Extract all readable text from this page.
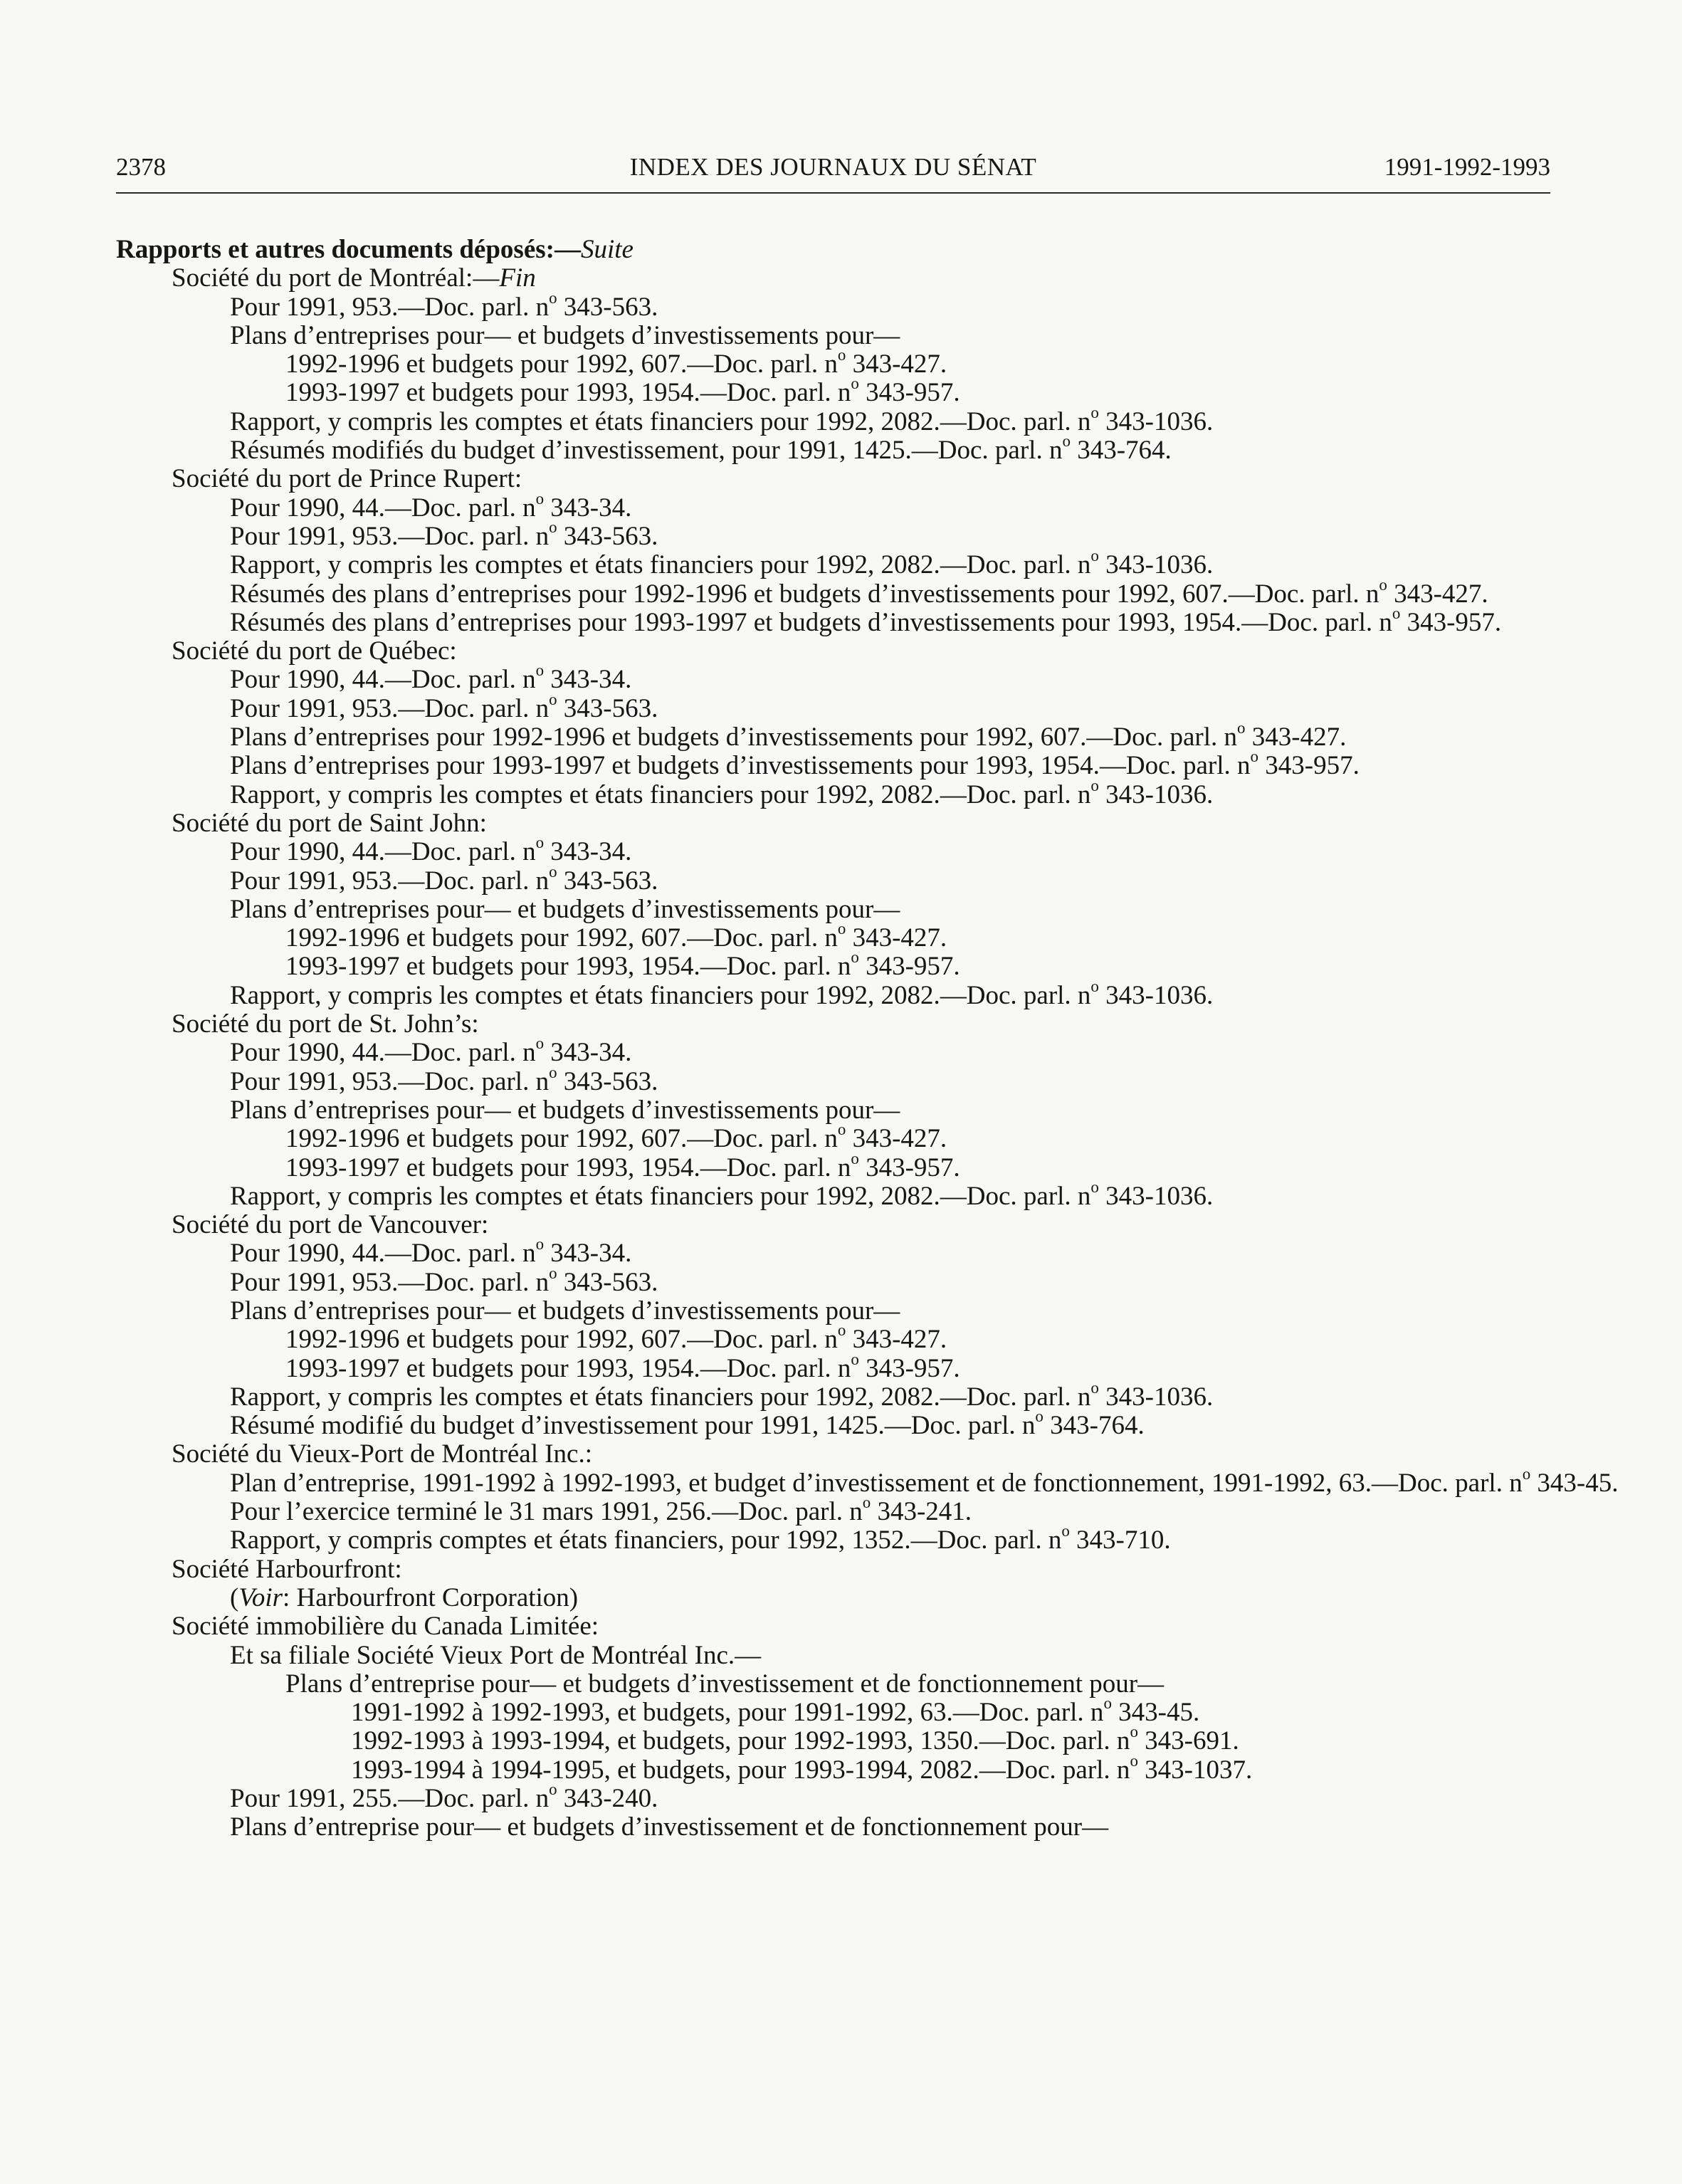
2378	INDEX DES JOURNAUX DU SÉNAT	1991-1992-1993
Rapports et autres documents déposés:—Suite
Société du port de Montréal:—Fin
Pour 1991, 953.—Doc. parl. $n^o$ 343-563.
Plans d’entreprises pour— et budgets d’investissements pour—
1992-1996 et budgets pour 1992, 607.—Doc. parl. $n^o$ 343-427.
1993-1997 et budgets pour 1993, 1954.—Doc. parl. $n^o$ 343-957.
Rapport, y compris les comptes et états financiers pour 1992, 2082.—Doc. parl. $n^o$ 343-1036.
Résumés modifiés du budget d’investissement, pour 1991, 1425.—Doc. parl. $n^o$ 343-764.
Société du port de Prince Rupert:
Pour 1990, 44.—Doc. parl. $n^o$ 343-34.
Pour 1991, 953.—Doc. parl. $n^o$ 343-563.
Rapport, y compris les comptes et états financiers pour 1992, 2082.—Doc. parl. $n^o$ 343-1036.
Résumés des plans d’entreprises pour 1992-1996 et budgets d’investissements pour 1992, 607.—Doc. parl. $n^o$ 343-427.
Résumés des plans d’entreprises pour 1993-1997 et budgets d’investissements pour 1993, 1954.—Doc. parl. $n^o$ 343-957.
Société du port de Québec:
Pour 1990, 44.—Doc. parl. $n^o$ 343-34.
Pour 1991, 953.—Doc. parl. $n^o$ 343-563.
Plans d’entreprises pour 1992-1996 et budgets d’investissements pour 1992, 607.—Doc. parl. $n^o$ 343-427.
Plans d’entreprises pour 1993-1997 et budgets d’investissements pour 1993, 1954.—Doc. parl. $n^o$ 343-957.
Rapport, y compris les comptes et états financiers pour 1992, 2082.—Doc. parl. $n^o$ 343-1036.
Société du port de Saint John:
Pour 1990, 44.—Doc. parl. $n^o$ 343-34.
Pour 1991, 953.—Doc. parl. $n^o$ 343-563.
Plans d’entreprises pour— et budgets d’investissements pour—
1992-1996 et budgets pour 1992, 607.—Doc. parl. $n^o$ 343-427.
1993-1997 et budgets pour 1993, 1954.—Doc. parl. $n^o$ 343-957.
Rapport, y compris les comptes et états financiers pour 1992, 2082.—Doc. parl. $n^o$ 343-1036.
Société du port de St. John’s:
Pour 1990, 44.—Doc. parl. $n^o$ 343-34.
Pour 1991, 953.—Doc. parl. $n^o$ 343-563.
Plans d’entreprises pour— et budgets d’investissements pour—
1992-1996 et budgets pour 1992, 607.—Doc. parl. $n^o$ 343-427.
1993-1997 et budgets pour 1993, 1954.—Doc. parl. $n^o$ 343-957.
Rapport, y compris les comptes et états financiers pour 1992, 2082.—Doc. parl. $n^o$ 343-1036.
Société du port de Vancouver:
Pour 1990, 44.—Doc. parl. $n^o$ 343-34.
Pour 1991, 953.—Doc. parl. $n^o$ 343-563.
Plans d’entreprises pour— et budgets d’investissements pour—
1992-1996 et budgets pour 1992, 607.—Doc. parl. $n^o$ 343-427.
1993-1997 et budgets pour 1993, 1954.—Doc. parl. $n^o$ 343-957.
Rapport, y compris les comptes et états financiers pour 1992, 2082.—Doc. parl. $n^o$ 343-1036.
Résumé modifié du budget d’investissement pour 1991, 1425.—Doc. parl. $n^o$ 343-764.
Société du Vieux-Port de Montréal Inc.:
Plan d’entreprise, 1991-1992 à 1992-1993, et budget d’investissement et de fonctionnement, 1991-1992, 63.—Doc. parl. $n^o$ 343-45.
Pour l’exercice terminé le 31 mars 1991, 256.—Doc. parl. $n^o$ 343-241.
Rapport, y compris comptes et états financiers, pour 1992, 1352.—Doc. parl. $n^o$ 343-710.
Société Harbourfront:
(Voir: Harbourfront Corporation)
Société immobilière du Canada Limitée:
Et sa filiale Société Vieux Port de Montréal Inc.—
Plans d’entreprise pour— et budgets d’investissement et de fonctionnement pour—
1991-1992 à 1992-1993, et budgets, pour 1991-1992, 63.—Doc. parl. $n^o$ 343-45.
1992-1993 à 1993-1994, et budgets, pour 1992-1993, 1350.—Doc. parl. $n^o$ 343-691.
1993-1994 à 1994-1995, et budgets, pour 1993-1994, 2082.—Doc. parl. $n^o$ 343-1037.
Pour 1991, 255.—Doc. parl. $n^o$ 343-240.
Plans d’entreprise pour— et budgets d’investissement et de fonctionnement pour—
